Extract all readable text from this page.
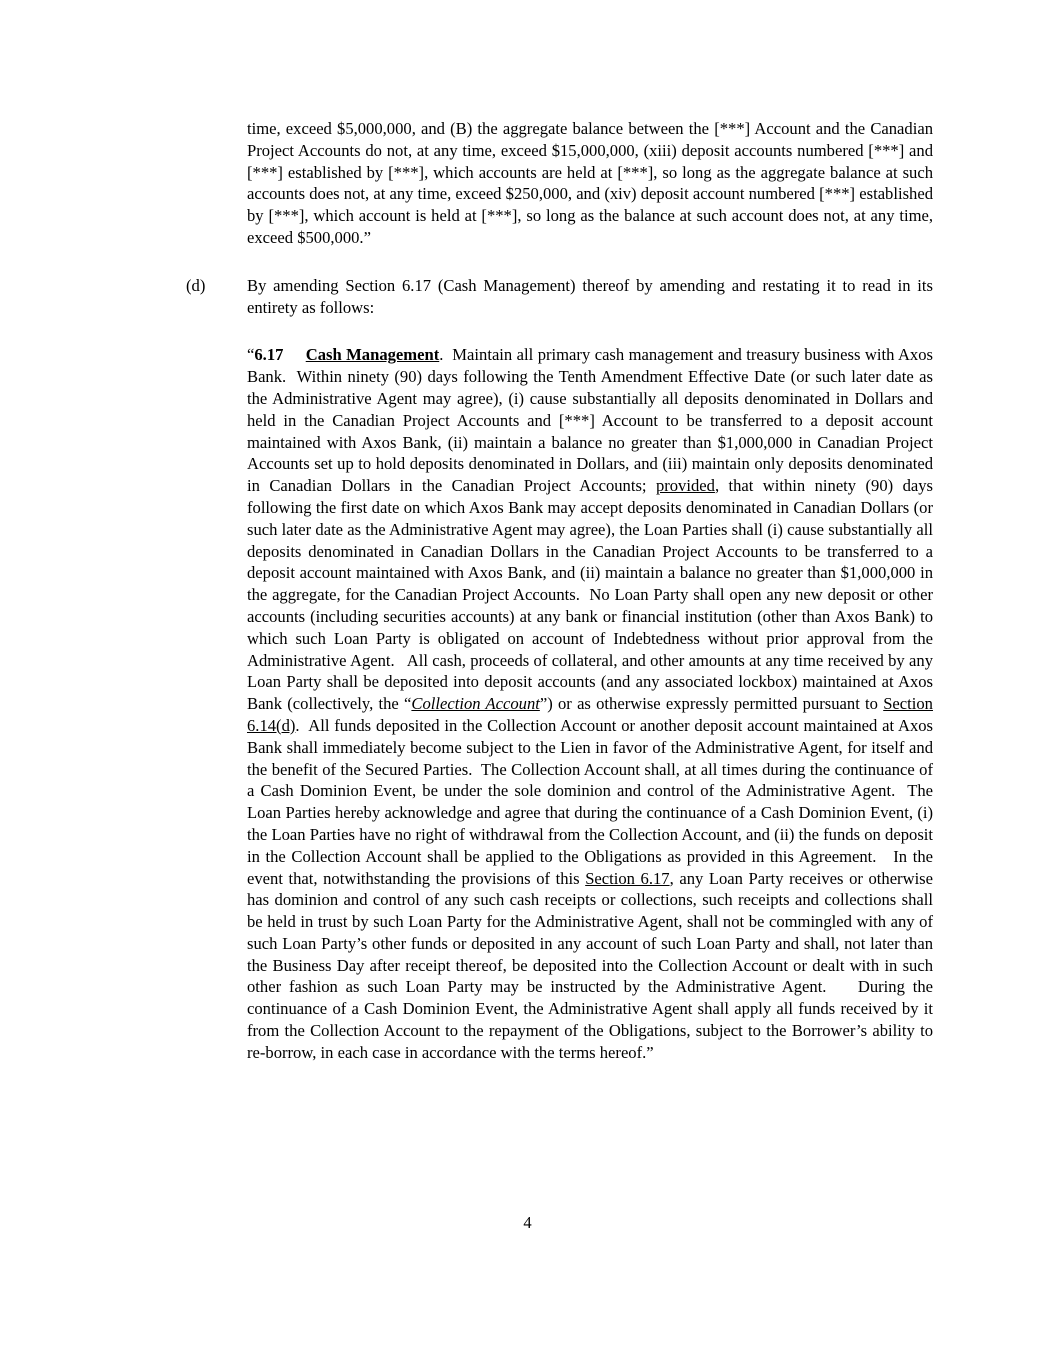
time, exceed $5,000,000, and (B) the aggregate balance between the [***] Account and the Canadian Project Accounts do not, at any time, exceed $15,000,000, (xiii) deposit accounts numbered [***] and [***] established by [***], which accounts are held at [***], so long as the aggregate balance at such accounts does not, at any time, exceed $250,000, and (xiv) deposit account numbered [***] established by [***], which account is held at [***], so long as the balance at such account does not, at any time, exceed $500,000.”

(d)	By amending Section 6.17 (Cash Management) thereof by amending and restating it to read in its entirety as follows:

“6.17 Cash Management.  Maintain all primary cash management and treasury business with Axos Bank.  Within ninety (90) days following the Tenth Amendment Effective Date (or such later date as the Administrative Agent may agree), (i) cause substantially all deposits denominated in Dollars and held in the Canadian Project Accounts and [***] Account to be transferred to a deposit account maintained with Axos Bank, (ii) maintain a balance no greater than $1,000,000 in Canadian Project Accounts set up to hold deposits denominated in Dollars, and (iii) maintain only deposits denominated in Canadian Dollars in the Canadian Project Accounts; provided, that within ninety (90) days following the first date on which Axos Bank may accept deposits denominated in Canadian Dollars (or such later date as the Administrative Agent may agree), the Loan Parties shall (i) cause substantially all deposits denominated in Canadian Dollars in the Canadian Project Accounts to be transferred to a deposit account maintained with Axos Bank, and (ii) maintain a balance no greater than $1,000,000 in the aggregate, for the Canadian Project Accounts.  No Loan Party shall open any new deposit or other accounts (including securities accounts) at any bank or financial institution (other than Axos Bank) to which such Loan Party is obligated on account of Indebtedness without prior approval from the Administrative Agent.   All cash, proceeds of collateral, and other amounts at any time received by any Loan Party shall be deposited into deposit accounts (and any associated lockbox) maintained at Axos Bank (collectively, the “Collection Account”) or as otherwise expressly permitted pursuant to Section 6.14(d).  All funds deposited in the Collection Account or another deposit account maintained at Axos Bank shall immediately become subject to the Lien in favor of the Administrative Agent, for itself and the benefit of the Secured Parties.  The Collection Account shall, at all times during the continuance of a Cash Dominion Event, be under the sole dominion and control of the Administrative Agent.  The Loan Parties hereby acknowledge and agree that during the continuance of a Cash Dominion Event, (i) the Loan Parties have no right of withdrawal from the Collection Account, and (ii) the funds on deposit in the Collection Account shall be applied to the Obligations as provided in this Agreement.   In the event that, notwithstanding the provisions of this Section 6.17, any Loan Party receives or otherwise has dominion and control of any such cash receipts or collections, such receipts and collections shall be held in trust by such Loan Party for the Administrative Agent, shall not be commingled with any of such Loan Party’s other funds or deposited in any account of such Loan Party and shall, not later than the Business Day after receipt thereof, be deposited into the Collection Account or dealt with in such other fashion as such Loan Party may be instructed by the Administrative Agent.    During the continuance of a Cash Dominion Event, the Administrative Agent shall apply all funds received by it from the Collection Account to the repayment of the Obligations, subject to the Borrower’s ability to re-borrow, in each case in accordance with the terms hereof.”

4
